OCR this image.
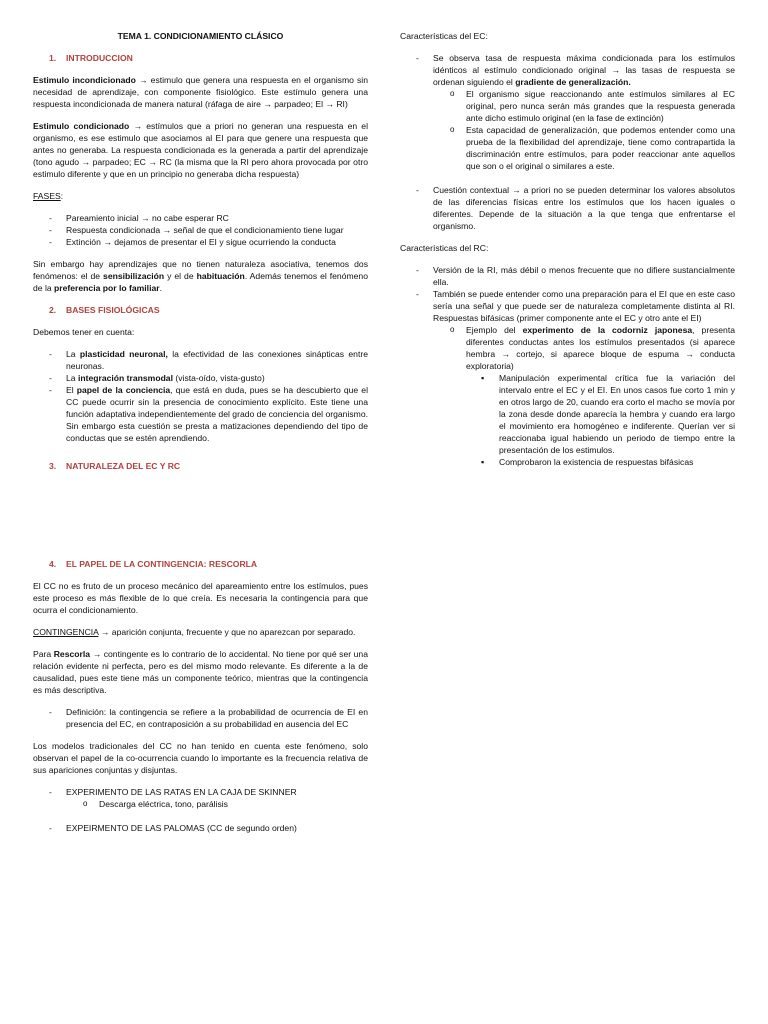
TEMA 1. CONDICIONAMIENTO CLÁSICO
1. INTRODUCCION

Estimulo incondicionado → estimulo que genera una respuesta en el organismo sin necesidad de aprendizaje, con componente fisiológico. Este estímulo genera una respuesta incondicionada de manera natural (ráfaga de aire → parpadeo; El → RI)

Estimulo condicionado → estímulos que a priori no generan una respuesta en el organismo, es ese estimulo que asociamos al EI para que genere una respuesta que antes no generaba. La respuesta condicionada es la generada a partir del aprendizaje (tono agudo → parpadeo; EC → RC (la misma que la RI pero ahora provocada por otro estimulo diferente y que en un principio no generaba dicha respuesta)

FASES:

- Pareamiento inicial → no cabe esperar RC
- Respuesta condicionada → señal de que el condicionamiento tiene lugar
- Extinción → dejamos de presentar el EI y sigue ocurriendo la conducta

Sin embargo hay aprendizajes que no tienen naturaleza asociativa, tenemos dos fenómenos: el de sensibilización y el de habituación. Además tenemos el fenómeno de la preferencia por lo familiar.

2. BASES FISIOLÓGICAS

Debemos tener en cuenta:

- La plasticidad neuronal, la efectividad de las conexiones sinápticas entre neuronas.
- La integración transmodal (vista-oído, vista-gusto)
- El papel de la conciencia, que está en duda, pues se ha descubierto que el CC puede ocurrir sin la presencia de conocimiento explícito. Este tiene una función adaptativa independientemente del grado de conciencia del organismo. Sin embargo esta cuestión se presta a matizaciones dependiendo del tipo de conductas que se estén aprendiendo.
3. NATURALEZA DEL EC Y RC
4. EL PAPEL DE LA CONTINGENCIA: RESCORLA

El CC no es fruto de un proceso mecánico del apareamiento entre los estímulos, pues este proceso es más flexible de lo que creía. Es necesaria la contingencia para que ocurra el condicionamiento.

CONTINGENCIA → aparición conjunta, frecuente y que no aparezcan por separado.

Para Rescorla → contingente es lo contrario de lo accidental. No tiene por qué ser una relación evidente ni perfecta, pero es del mismo modo relevante. Es diferente a la de causalidad, pues este tiene más un componente teórico, mientras que la contingencia es más descriptiva.

- Definición: la contingencia se refiere a la probabilidad de ocurrencia de EI en presencia del EC, en contraposición a su probabilidad en ausencia del EC

Los modelos tradicionales del CC no han tenido en cuenta este fenómeno, solo observan el papel de la co-ocurrencia cuando lo importante es la frecuencia relativa de sus apariciones conjuntas y disjuntas.

- EXPERIMENTO DE LAS RATAS EN LA CAJA DE SKINNER
o Descarga eléctrica, tono, parálisis
- EXPEIRMENTO DE LAS PALOMAS (CC de segundo orden)

Características del EC:

- Se observa tasa de respuesta máxima condicionada para los estímulos idénticos al estímulo condicionado original → las tasas de respuesta se ordenan siguiendo el gradiente de generalización.
o El organismo sigue reaccionando ante estímulos similares al EC original, pero nunca serán más grandes que la respuesta generada ante dicho estimulo original (en la fase de extinción)
o Esta capacidad de generalización, que podemos entender como una prueba de la flexibilidad del aprendizaje, tiene como contrapartida la discriminación entre estímulos, para poder reaccionar ante aquellos que son o el original o similares a este.
- Cuestión contextual → a priori no se pueden determinar los valores absolutos de las diferencias físicas entre los estímulos que los hacen iguales o diferentes. Depende de la situación a la que tenga que enfrentarse el organismo.

Características del RC:

- Versión de la RI, más débil o menos frecuente que no difiere sustancialmente ella.
- También se puede entender como una preparación para el EI que en este caso sería una señal y que puede ser de naturaleza completamente distinta al RI. Respuestas bifásicas (primer componente ante el EC y otro ante el EI)
o Ejemplo del experimento de la codorniz japonesa, presenta diferentes conductas antes los estímulos presentados (si aparece hembra → cortejo, si aparece bloque de espuma → conducta exploratoria)
▪ Manipulación experimental crítica fue la variación del intervalo entre el EC y el EI. En unos casos fue corto 1 min y en otros largo de 20, cuando era corto el macho se movía por la zona desde donde aparecía la hembra y cuando era largo el movimiento era homogéneo e indiferente. Querían ver si reaccionaba igual habiendo un periodo de tiempo entre la presentación de los estimulos.
▪ Comprobaron la existencia de respuestas bifásicas
